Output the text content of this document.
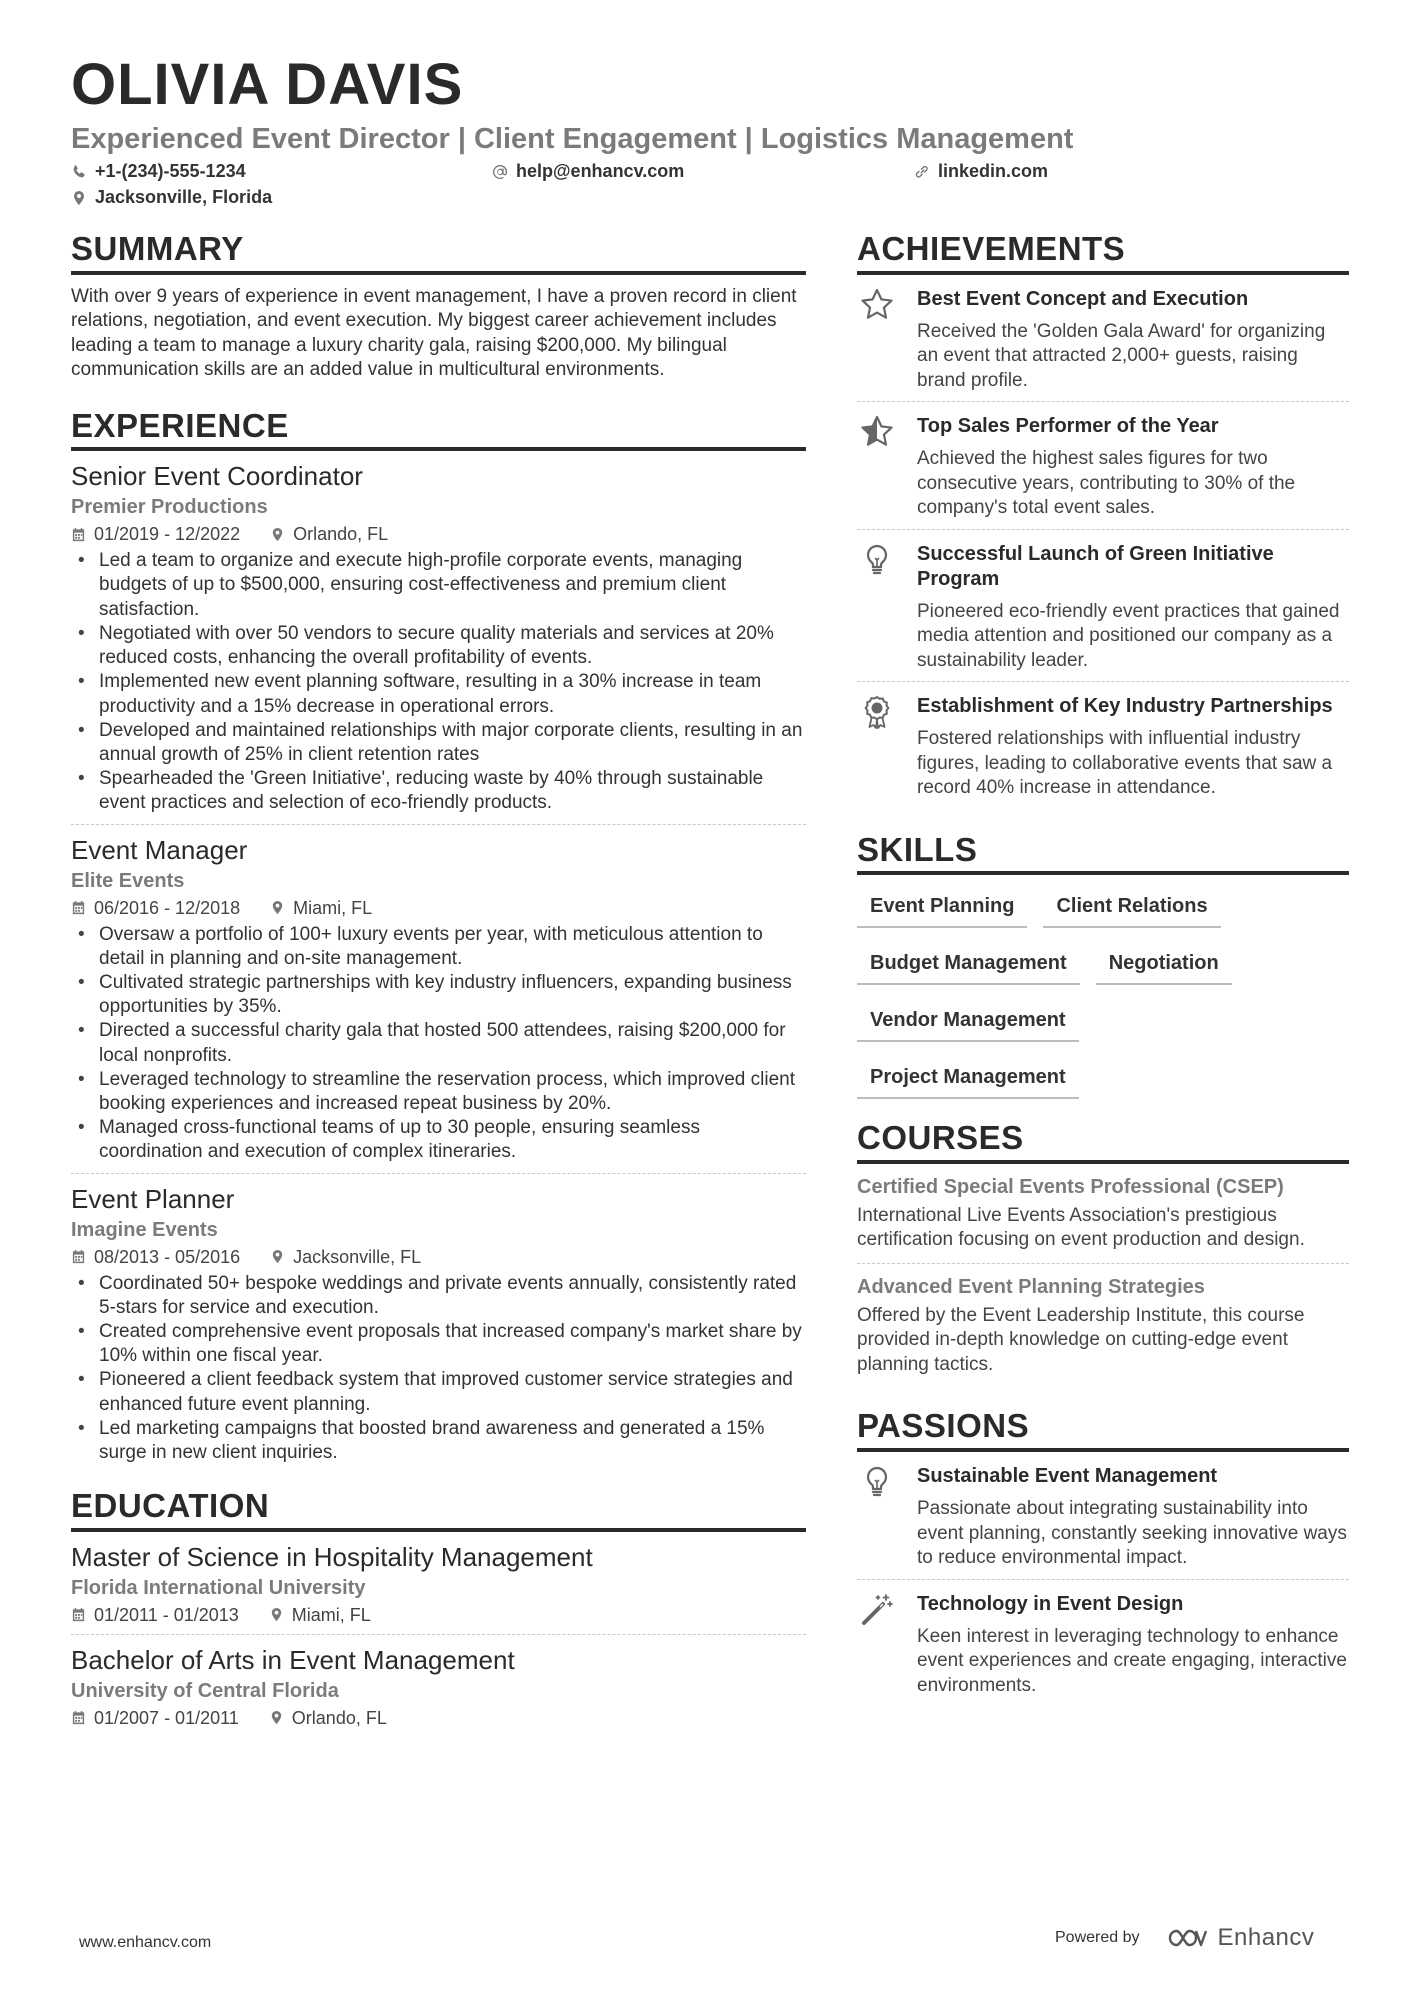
OLIVIA DAVIS
Experienced Event Director | Client Engagement | Logistics Management
+1-(234)-555-1234	help@enhancv.com	linkedin.com
Jacksonville, Florida
SUMMARY
With over 9 years of experience in event management, I have a proven record in client relations, negotiation, and event execution. My biggest career achievement includes leading a team to manage a luxury charity gala, raising $200,000. My bilingual communication skills are an added value in multicultural environments.
EXPERIENCE
Senior Event Coordinator
Premier Productions
01/2019 - 12/2022	Orlando, FL
• Led a team to organize and execute high-profile corporate events, managing budgets of up to $500,000, ensuring cost-effectiveness and premium client satisfaction.
• Negotiated with over 50 vendors to secure quality materials and services at 20% reduced costs, enhancing the overall profitability of events.
• Implemented new event planning software, resulting in a 30% increase in team productivity and a 15% decrease in operational errors.
• Developed and maintained relationships with major corporate clients, resulting in an annual growth of 25% in client retention rates
• Spearheaded the 'Green Initiative', reducing waste by 40% through sustainable event practices and selection of eco-friendly products.
Event Manager
Elite Events
06/2016 - 12/2018	Miami, FL
• Oversaw a portfolio of 100+ luxury events per year, with meticulous attention to detail in planning and on-site management.
• Cultivated strategic partnerships with key industry influencers, expanding business opportunities by 35%.
• Directed a successful charity gala that hosted 500 attendees, raising $200,000 for local nonprofits.
• Leveraged technology to streamline the reservation process, which improved client booking experiences and increased repeat business by 20%.
• Managed cross-functional teams of up to 30 people, ensuring seamless coordination and execution of complex itineraries.
Event Planner
Imagine Events
08/2013 - 05/2016	Jacksonville, FL
• Coordinated 50+ bespoke weddings and private events annually, consistently rated 5-stars for service and execution.
• Created comprehensive event proposals that increased company's market share by 10% within one fiscal year.
• Pioneered a client feedback system that improved customer service strategies and enhanced future event planning.
• Led marketing campaigns that boosted brand awareness and generated a 15% surge in new client inquiries.
EDUCATION
Master of Science in Hospitality Management
Florida International University
01/2011 - 01/2013	Miami, FL
Bachelor of Arts in Event Management
University of Central Florida
01/2007 - 01/2011	Orlando, FL
ACHIEVEMENTS
Best Event Concept and Execution
Received the 'Golden Gala Award' for organizing an event that attracted 2,000+ guests, raising brand profile.
Top Sales Performer of the Year
Achieved the highest sales figures for two consecutive years, contributing to 30% of the company's total event sales.
Successful Launch of Green Initiative Program
Pioneered eco-friendly event practices that gained media attention and positioned our company as a sustainability leader.
Establishment of Key Industry Partnerships
Fostered relationships with influential industry figures, leading to collaborative events that saw a record 40% increase in attendance.
SKILLS
Event Planning	Client Relations
Budget Management	Negotiation
Vendor Management
Project Management
COURSES
Certified Special Events Professional (CSEP)
International Live Events Association's prestigious certification focusing on event production and design.
Advanced Event Planning Strategies
Offered by the Event Leadership Institute, this course provided in-depth knowledge on cutting-edge event planning tactics.
PASSIONS
Sustainable Event Management
Passionate about integrating sustainability into event planning, constantly seeking innovative ways to reduce environmental impact.
Technology in Event Design
Keen interest in leveraging technology to enhance event experiences and create engaging, interactive environments.
www.enhancv.com	Powered by	Enhancv
